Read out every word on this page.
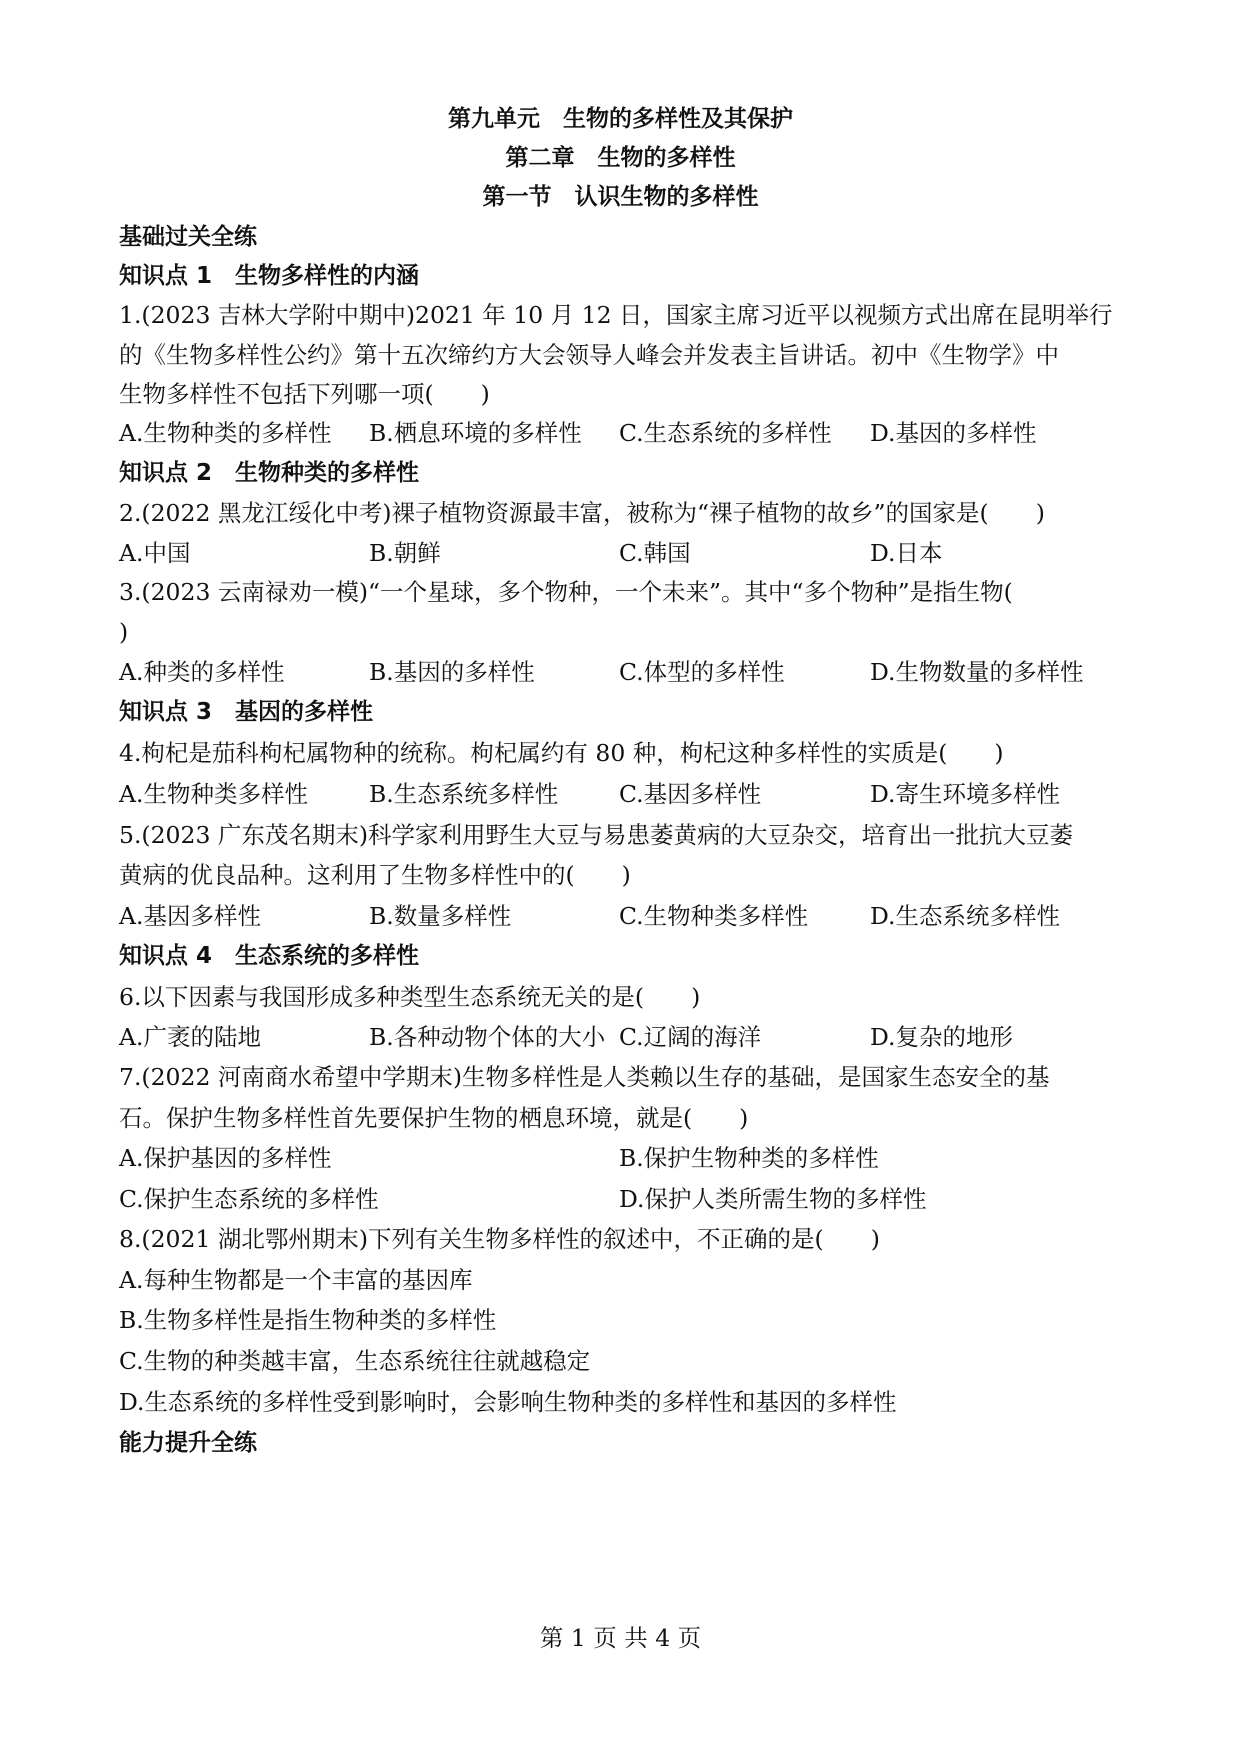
第九单元　生物的多样性及其保护
第二章　生物的多样性
第一节　认识生物的多样性
基础过关全练
知识点 1　生物多样性的内涵
1.(2023 吉林大学附中期中)2021 年 10 月 12 日，国家主席习近平以视频方式出席在昆明举行
的《生物多样性公约》第十五次缔约方大会领导人峰会并发表主旨讲话。初中《生物学》中
生物多样性不包括下列哪一项(　　)
A.生物种类的多样性 B.栖息环境的多样性 C.生态系统的多样性 D.基因的多样性
知识点 2　生物种类的多样性
2.(2022 黑龙江绥化中考)裸子植物资源最丰富，被称为“裸子植物的故乡”的国家是(　　)
A.中国	B.朝鲜	C.韩国	D.日本
3.(2023 云南禄劝一模)“一个星球，多个物种，一个未来”。其中“多个物种”是指生物(
)
A.种类的多样性	B.基因的多样性	C.体型的多样性	D.生物数量的多样性
知识点 3　基因的多样性
4.枸杞是茄科枸杞属物种的统称。枸杞属约有 80 种，枸杞这种多样性的实质是(　　)
A.生物种类多样性	B.生态系统多样性	C.基因多样性	D.寄生环境多样性
5.(2023 广东茂名期末)科学家利用野生大豆与易患萎黄病的大豆杂交，培育出一批抗大豆萎
黄病的优良品种。这利用了生物多样性中的(　　)
A.基因多样性	B.数量多样性	C.生物种类多样性	D.生态系统多样性
知识点 4　生态系统的多样性
6.以下因素与我国形成多种类型生态系统无关的是(　　)
A.广袤的陆地	B.各种动物个体的大小 C.辽阔的海洋	D.复杂的地形
7.(2022 河南商水希望中学期末)生物多样性是人类赖以生存的基础，是国家生态安全的基
石。保护生物多样性首先要保护生物的栖息环境，就是(　　)
A.保护基因的多样性	B.保护生物种类的多样性
C.保护生态系统的多样性	D.保护人类所需生物的多样性
8.(2021 湖北鄂州期末)下列有关生物多样性的叙述中，不正确的是(　　)
A.每种生物都是一个丰富的基因库
B.生物多样性是指生物种类的多样性
C.生物的种类越丰富，生态系统往往就越稳定
D.生态系统的多样性受到影响时，会影响生物种类的多样性和基因的多样性
能力提升全练
第 1 页 共 4 页
